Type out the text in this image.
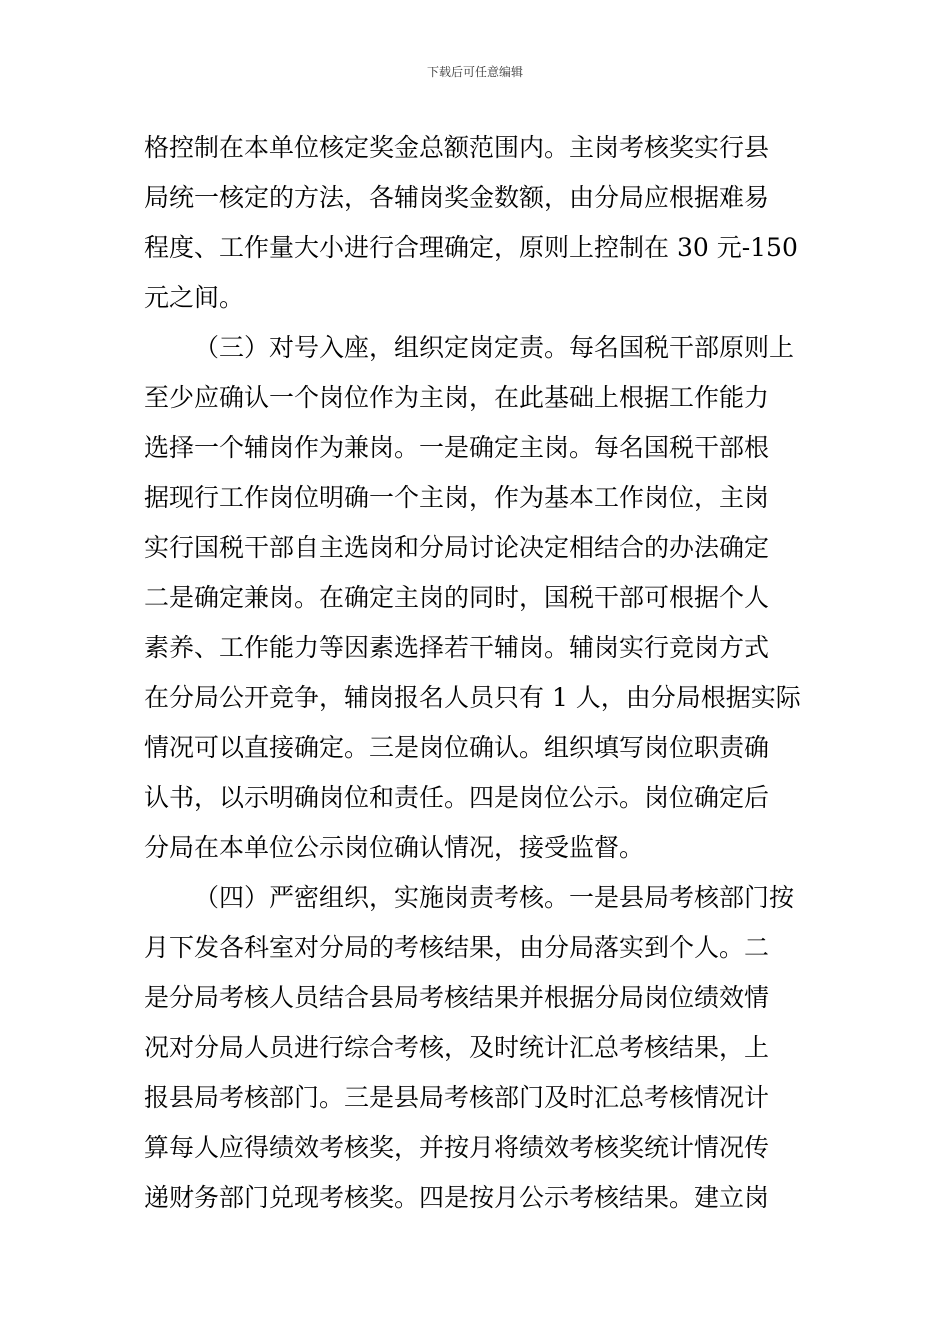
下载后可任意编辑
格控制在本单位核定奖金总额范围内。主岗考核奖实行县
局统一核定的方法，各辅岗奖金数额，由分局应根据难易
程度、工作量大小进行合理确定，原则上控制在 30 元-150
元之间。
（三）对号入座，组织定岗定责。每名国税干部原则上
至少应确认一个岗位作为主岗，在此基础上根据工作能力
选择一个辅岗作为兼岗。一是确定主岗。每名国税干部根
据现行工作岗位明确一个主岗，作为基本工作岗位，主岗
实行国税干部自主选岗和分局讨论决定相结合的办法确定
二是确定兼岗。在确定主岗的同时，国税干部可根据个人
素养、工作能力等因素选择若干辅岗。辅岗实行竞岗方式
在分局公开竞争，辅岗报名人员只有 1 人，由分局根据实际
情况可以直接确定。三是岗位确认。组织填写岗位职责确
认书，以示明确岗位和责任。四是岗位公示。岗位确定后
分局在本单位公示岗位确认情况，接受监督。
（四）严密组织，实施岗责考核。一是县局考核部门按
月下发各科室对分局的考核结果，由分局落实到个人。二
是分局考核人员结合县局考核结果并根据分局岗位绩效情
况对分局人员进行综合考核，及时统计汇总考核结果，上
报县局考核部门。三是县局考核部门及时汇总考核情况计
算每人应得绩效考核奖，并按月将绩效考核奖统计情况传
递财务部门兑现考核奖。四是按月公示考核结果。建立岗
